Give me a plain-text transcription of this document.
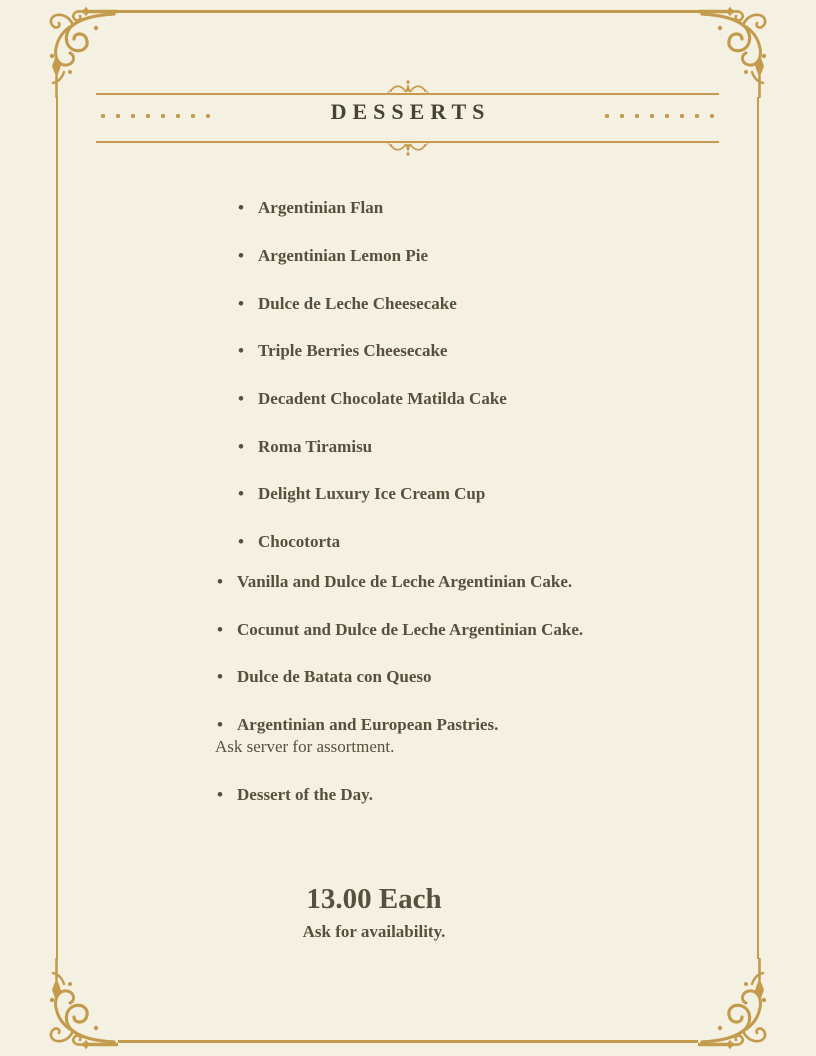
DESSERTS
• Argentinian Flan
• Argentinian Lemon Pie
• Dulce de Leche Cheesecake
• Triple Berries Cheesecake
• Decadent Chocolate Matilda Cake
• Roma Tiramisu
• Delight Luxury Ice Cream Cup
• Chocotorta
• Vanilla and Dulce de Leche Argentinian Cake.
• Cocunut and Dulce de Leche Argentinian Cake.
• Dulce de Batata con Queso
• Argentinian and European Pastries.
• Dessert of the Day.
Ask server for assortment.
13.00 Each
Ask for availability.
